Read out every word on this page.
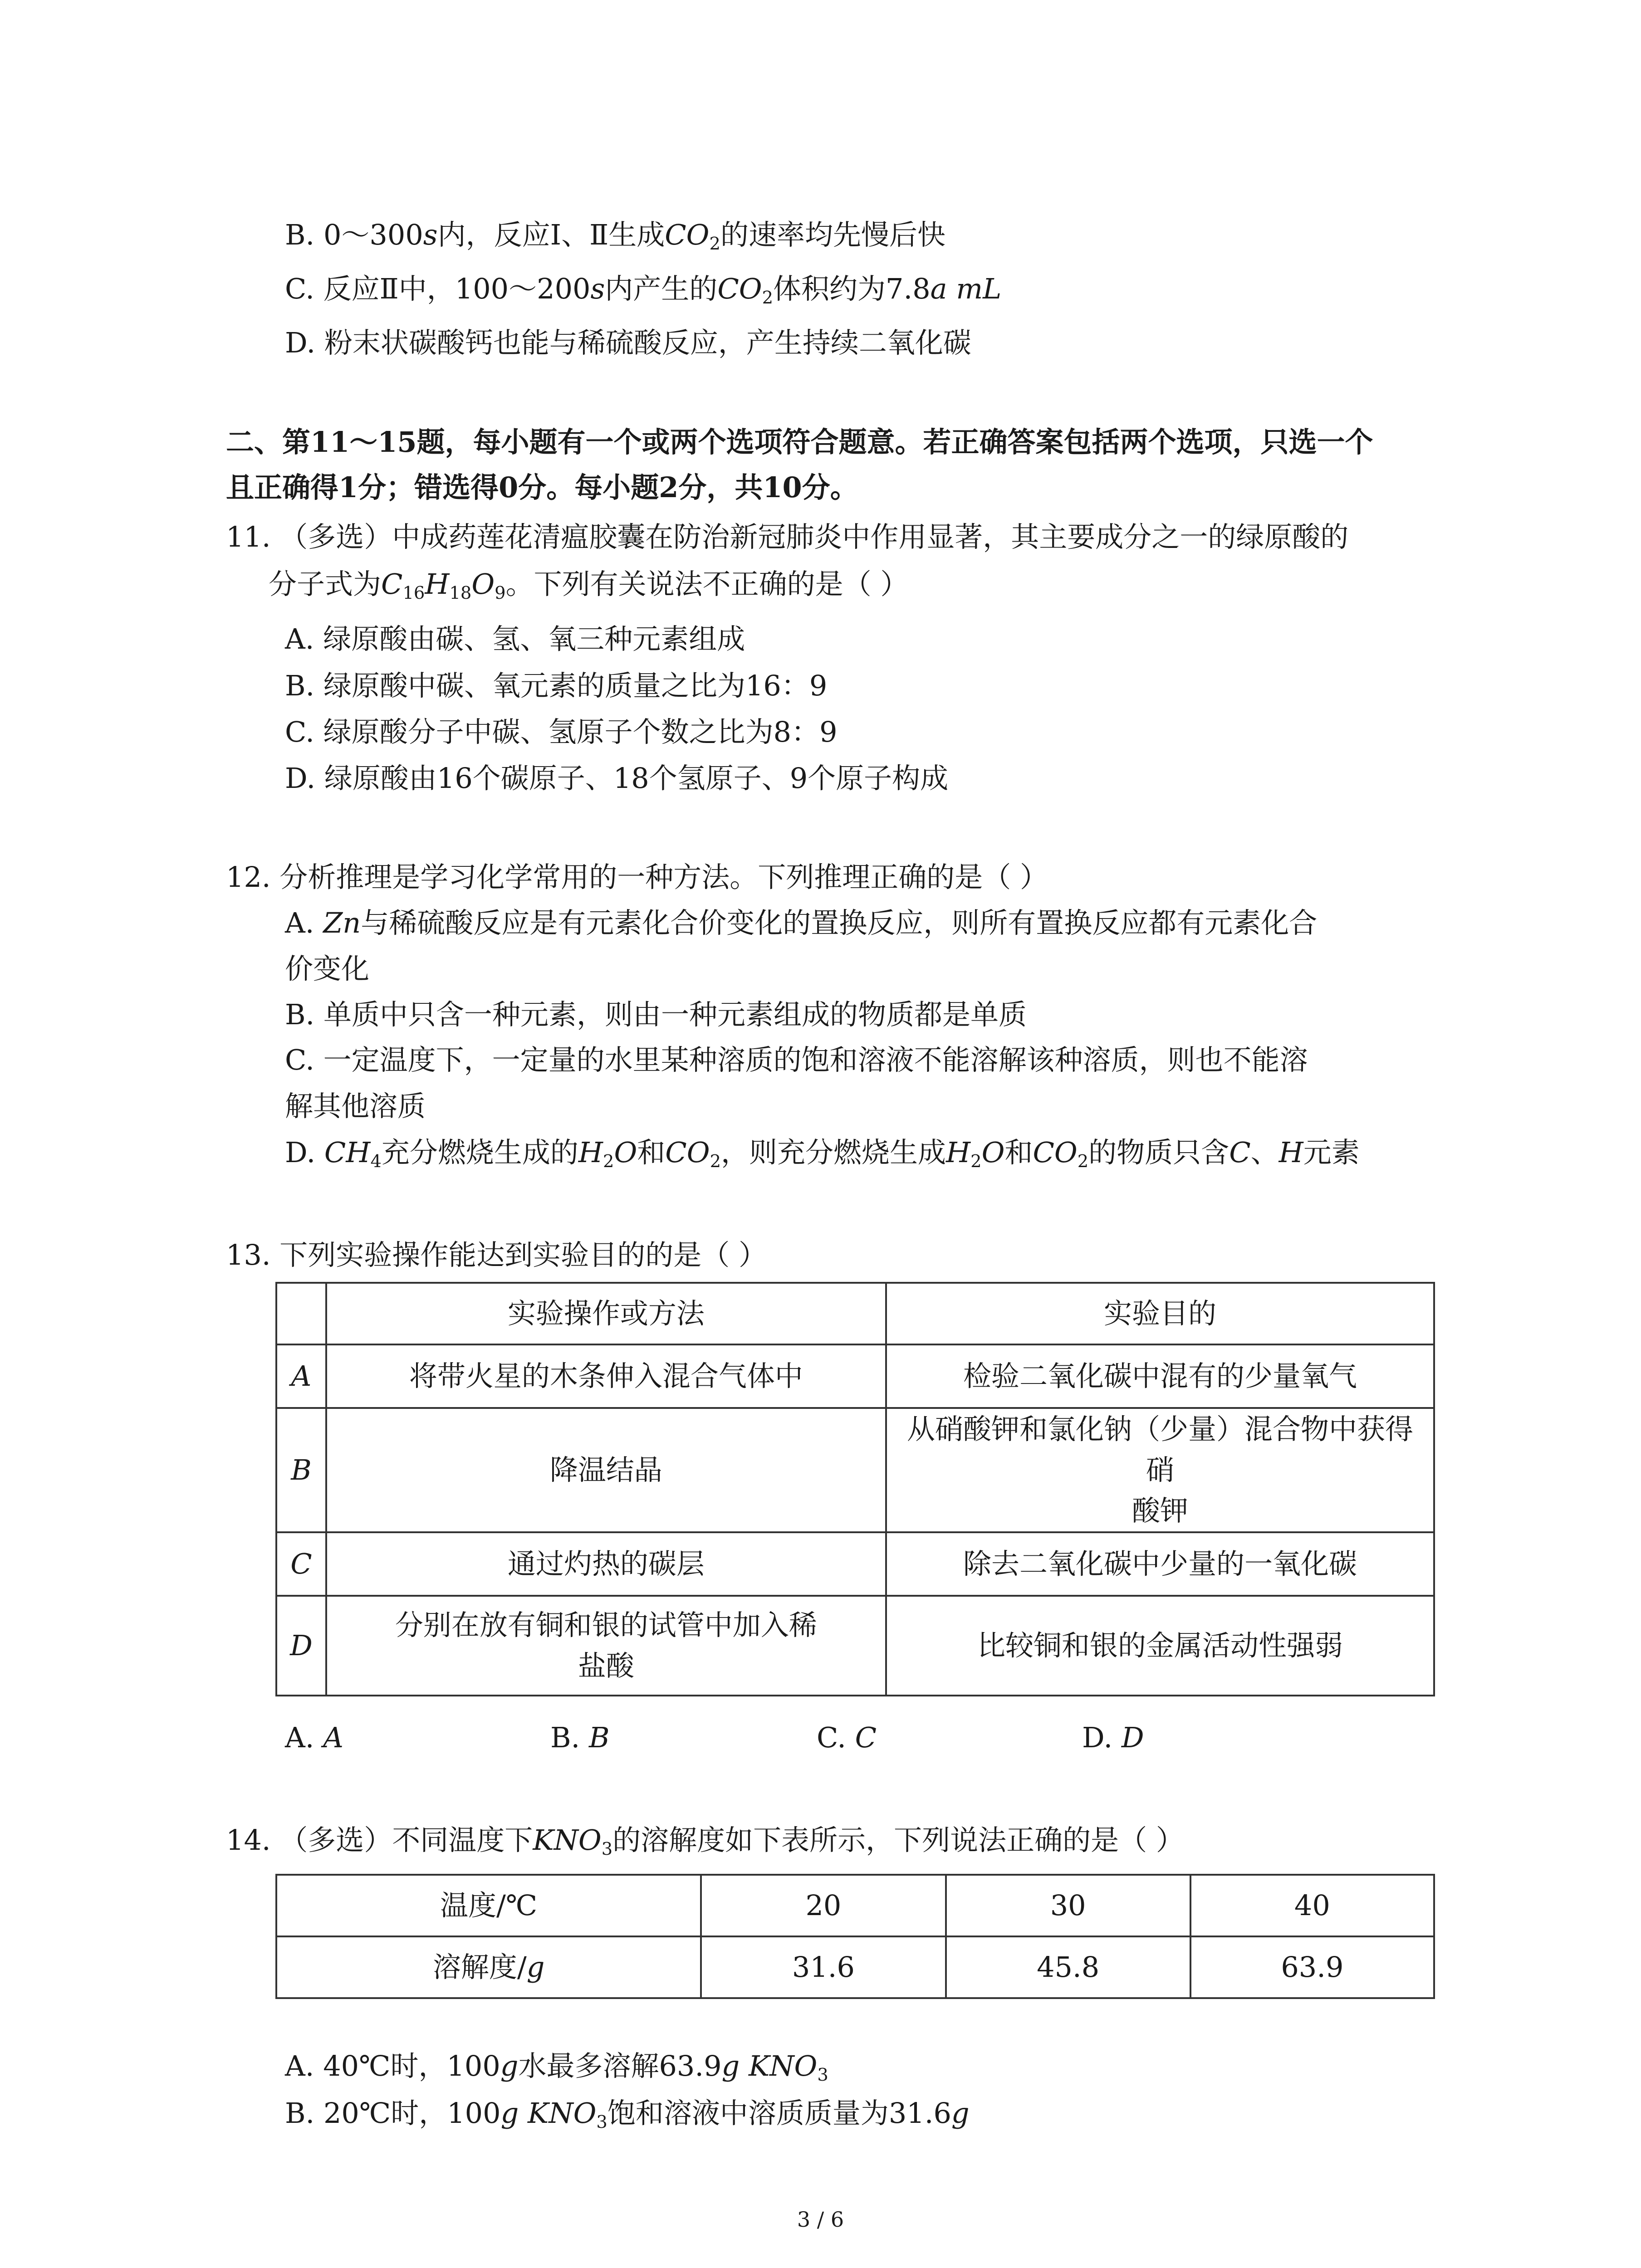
B. 0～300s内，反应Ⅰ、Ⅱ生成$CO_2$的速率均先慢后快
C. 反应Ⅱ中，100～200s内产生的$CO_2$体积约为7.8a mL
D. 粉末状碳酸钙也能与稀硫酸反应，产生持续二氧化碳
二、第11～15题，每小题有一个或两个选项符合题意。若正确答案包括两个选项，只选一个
且正确得1分；错选得0分。每小题2分，共10分。
11. （多选）中成药莲花清瘟胶囊在防治新冠肺炎中作用显著，其主要成分之一的绿原酸的
分子式为$C_{16}H_{18}O_9$。下列有关说法不正确的是（ ）
A. 绿原酸由碳、氢、氧三种元素组成
B. 绿原酸中碳、氧元素的质量之比为16：9
C. 绿原酸分子中碳、氢原子个数之比为8：9
D. 绿原酸由16个碳原子、18个氢原子、9个原子构成
12. 分析推理是学习化学常用的一种方法。下列推理正确的是（ ）
A. Zn与稀硫酸反应是有元素化合价变化的置换反应，则所有置换反应都有元素化合
价变化
B. 单质中只含一种元素，则由一种元素组成的物质都是单质
C. 一定温度下，一定量的水里某种溶质的饱和溶液不能溶解该种溶质，则也不能溶
解其他溶质
D. $CH_4$充分燃烧生成的$H_2O$和$CO_2$，则充分燃烧生成$H_2O$和$CO_2$的物质只含C、H元素
13. 下列实验操作能达到实验目的的是（ ）
	实验操作或方法	实验目的
A	将带火星的木条伸入混合气体中	检验二氧化碳中混有的少量氧气
B	降温结晶	从硝酸钾和氯化钠（少量）混合物中获得硝
酸钾
C	通过灼热的碳层	除去二氧化碳中少量的一氧化碳
D	分别在放有铜和银的试管中加入稀
盐酸	比较铜和银的金属活动性强弱
A. A	B. B	C. C	D. D
14. （多选）不同温度下$KNO_3$的溶解度如下表所示，下列说法正确的是（ ）
温度/℃	20	30	40
溶解度/g	31.6	45.8	63.9
A. 40℃时，100g水最多溶解63.9g $KNO_3$
B. 20℃时，100g $KNO_3$饱和溶液中溶质质量为31.6g
3 / 6
